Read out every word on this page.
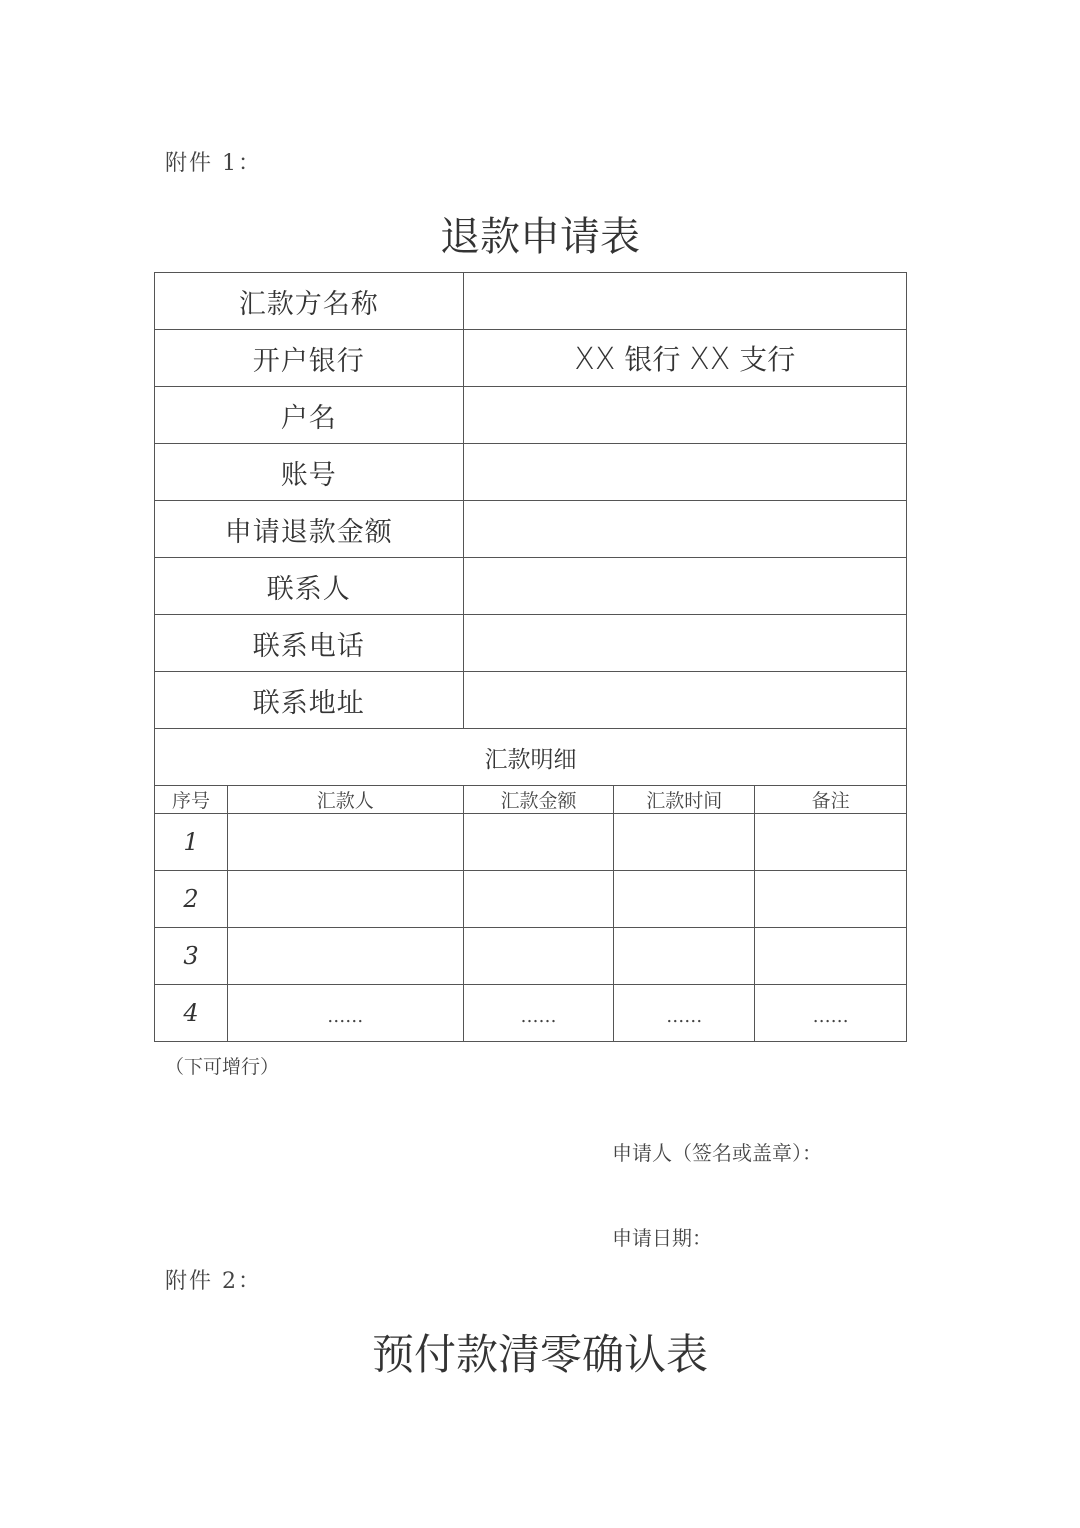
附件 1：
退款申请表
汇款方名称				
开户银行		XX 银行 XX 支行		
户名				
账号				
申请退款金额				
联系人				
联系电话				
联系地址				
汇款明细				
序号	汇款人	汇款金额	汇款时间	备注
1				
2				
3				
4	……	……	……	……
（下可增行）
申请人（签名或盖章）：
申请日期：
附件 2：
预付款清零确认表
